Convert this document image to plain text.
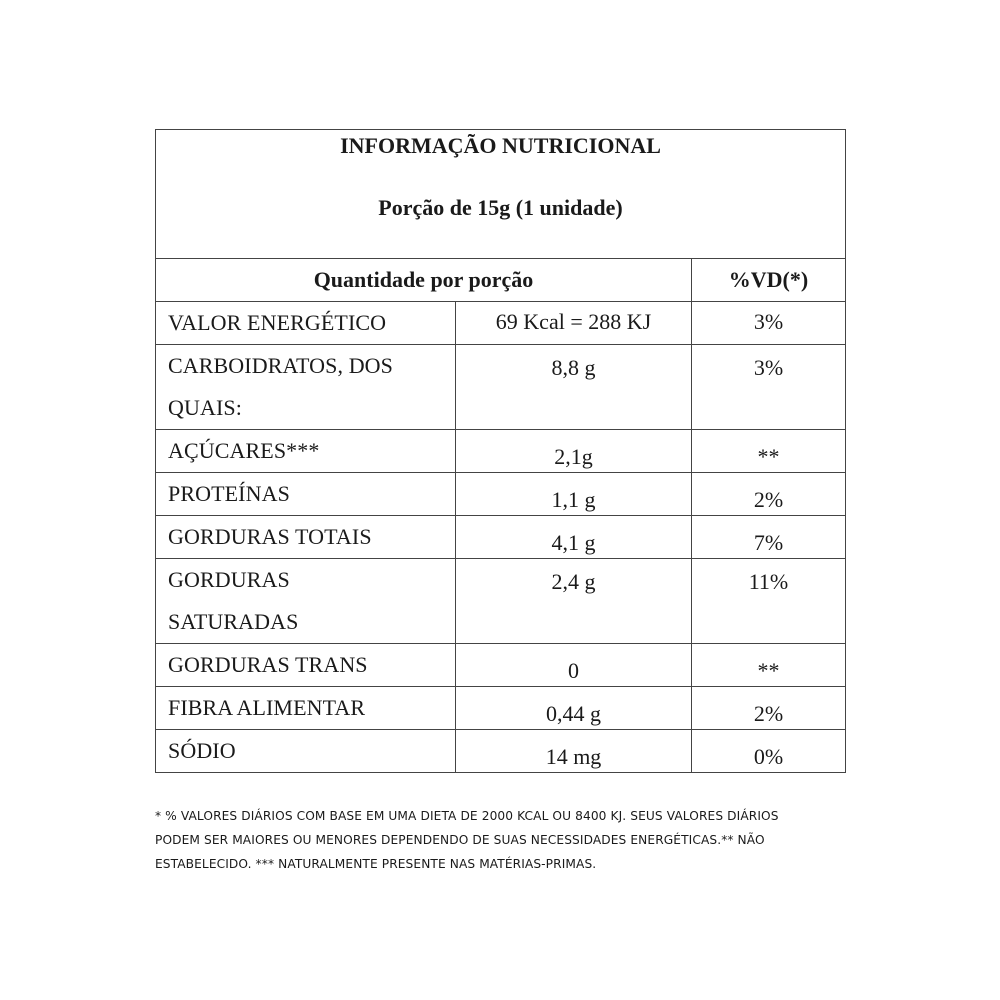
INFORMAÇÃO NUTRICIONAL
Porção de 15g (1 unidade)		

Quantidade por porção		%VD(*)
VALOR ENERGÉTICO	69 Kcal = 288 KJ	3%
CARBOIDRATOS, DOS
QUAIS:	8,8 g	3%
AÇÚCARES***	2,1g	**
PROTEÍNAS	1,1 g	2%
GORDURAS TOTAIS	4,1 g	7%
GORDURAS
SATURADAS	2,4 g	11%
GORDURAS TRANS	0	**
FIBRA ALIMENTAR	0,44 g	2%
SÓDIO	14 mg	0%
* % VALORES DIÁRIOS COM BASE EM UMA DIETA DE 2000 KCAL OU 8400 KJ. SEUS VALORES DIÁRIOS
PODEM SER MAIORES OU MENORES DEPENDENDO DE SUAS NECESSIDADES ENERGÉTICAS.** NÃO
ESTABELECIDO. *** NATURALMENTE PRESENTE NAS MATÉRIAS-PRIMAS.
